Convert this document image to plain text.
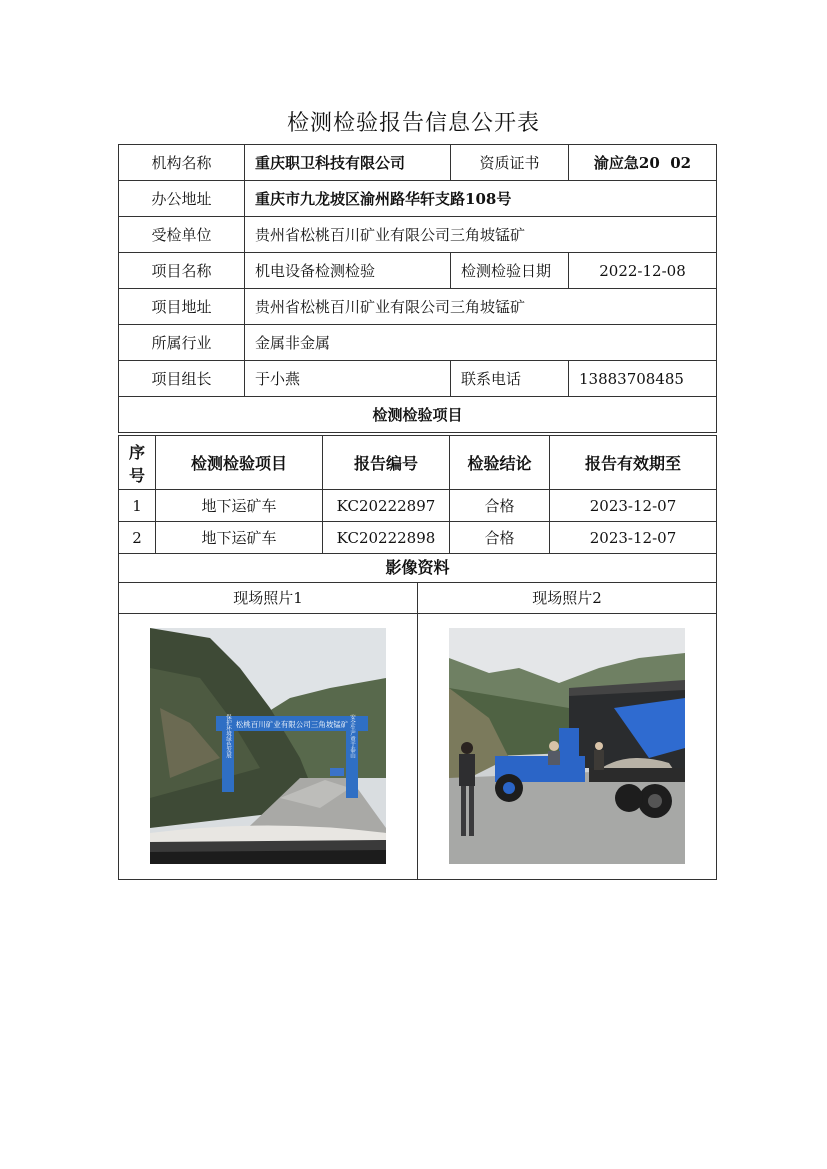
检测检验报告信息公开表
机构名称	重庆职卫科技有限公司	资质证书	渝应急20  02
办公地址	重庆市九龙坡区渝州路华轩支路108号		
受检单位	贵州省松桃百川矿业有限公司三角坡锰矿		
项目名称	机电设备检测检验	检测检验日期	2022-12-08
项目地址	贵州省松桃百川矿业有限公司三角坡锰矿		
所属行业	金属非金属		
项目组长	于小燕	联系电话	13883708485
检测检验项目			
序
号	检测检验项目	报告编号	检验结论	报告有效期至
1	地下运矿车	KC20222897	合格	2023-12-07
2	地下运矿车	KC20222898	合格	2023-12-07
影像资料
现场照片1	现场照片2
松桃百川矿业有限公司三角坡锰矿
保护环境绿色发展	安全生产重于泰山
